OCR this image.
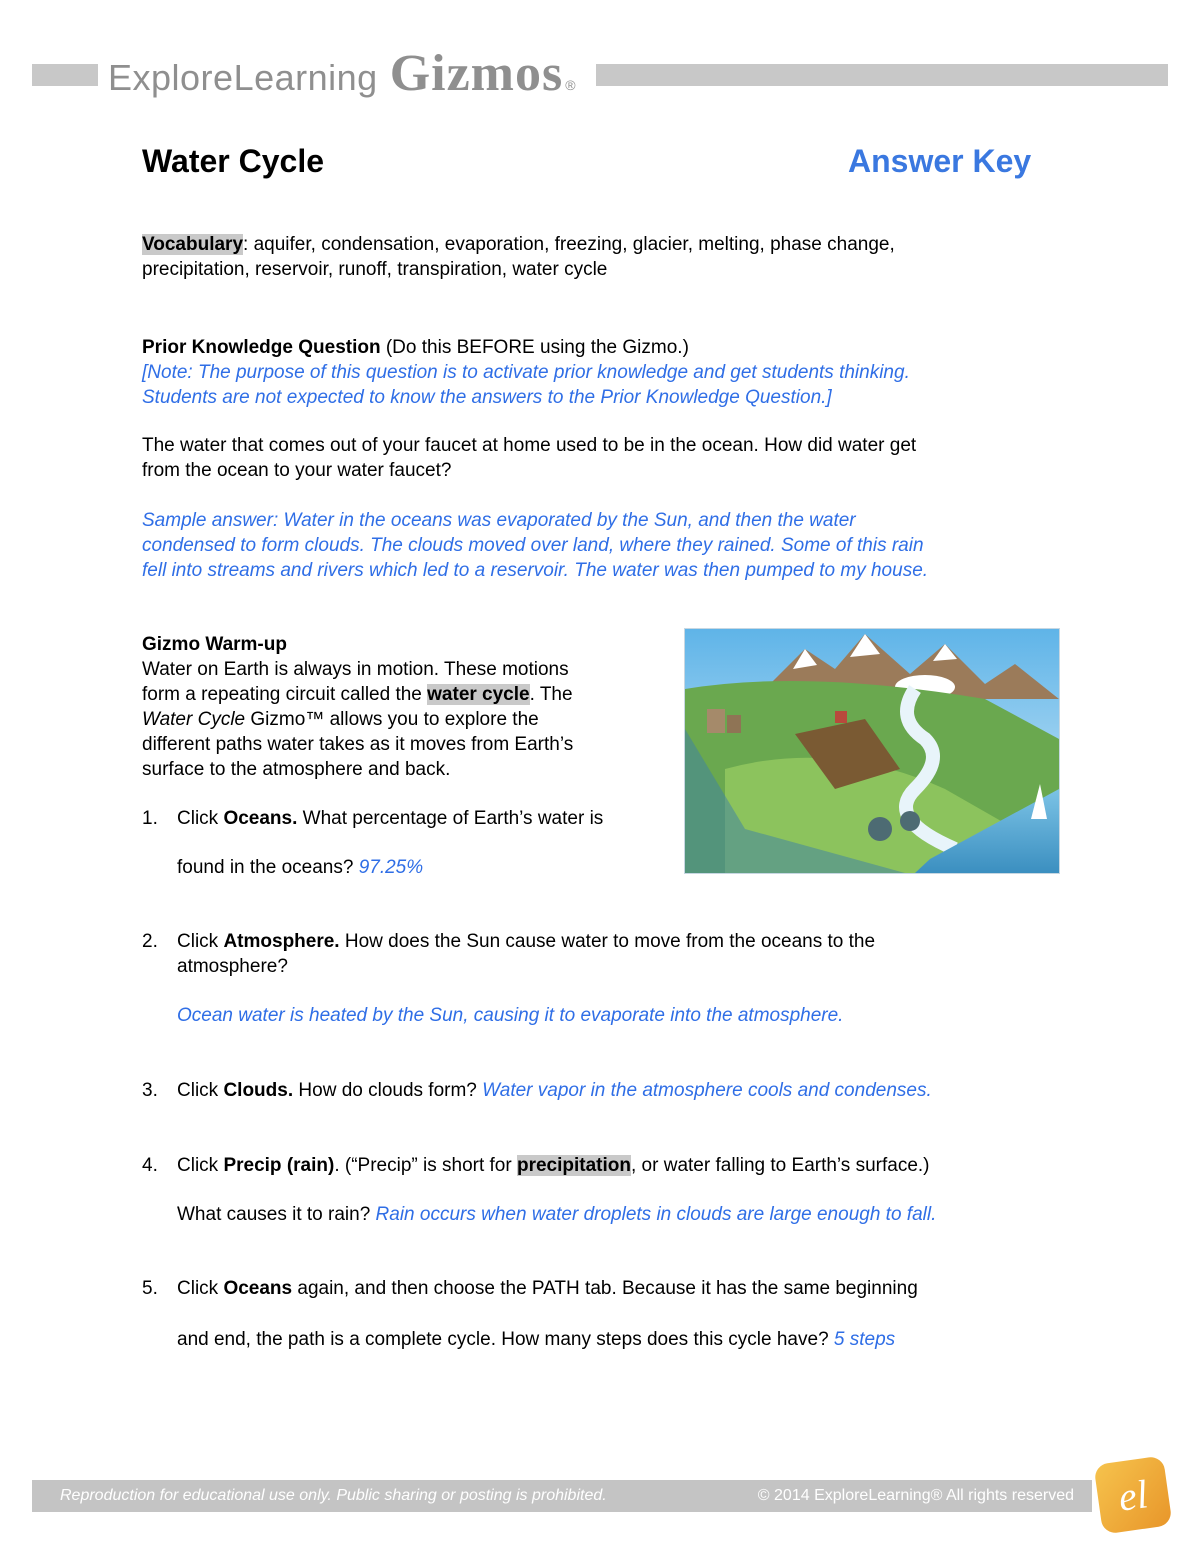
ExploreLearning Gizmos ®
Water Cycle	Answer Key
Vocabulary: aquifer, condensation, evaporation, freezing, glacier, melting, phase change,
precipitation, reservoir, runoff, transpiration, water cycle
Prior Knowledge Question (Do this BEFORE using the Gizmo.)
[Note: The purpose of this question is to activate prior knowledge and get students thinking.
Students are not expected to know the answers to the Prior Knowledge Question.]
The water that comes out of your faucet at home used to be in the ocean. How did water get
from the ocean to your water faucet?
Sample answer: Water in the oceans was evaporated by the Sun, and then the water
condensed to form clouds. The clouds moved over land, where they rained. Some of this rain
fell into streams and rivers which led to a reservoir. The water was then pumped to my house.
Gizmo Warm-up
Water on Earth is always in motion. These motions
form a repeating circuit called the water cycle. The
Water Cycle Gizmo™ allows you to explore the
different paths water takes as it moves from Earth’s
surface to the atmosphere and back.
1. Click Oceans. What percentage of Earth’s water is
found in the oceans? 97.25%
2. Click Atmosphere. How does the Sun cause water to move from the oceans to the
atmosphere?
Ocean water is heated by the Sun, causing it to evaporate into the atmosphere.
3. Click Clouds. How do clouds form? Water vapor in the atmosphere cools and condenses.
4. Click Precip (rain). (“Precip” is short for precipitation, or water falling to Earth’s surface.)
What causes it to rain? Rain occurs when water droplets in clouds are large enough to fall.
5. Click Oceans again, and then choose the PATH tab. Because it has the same beginning
and end, the path is a complete cycle. How many steps does this cycle have? 5 steps
Reproduction for educational use only. Public sharing or posting is prohibited.	© 2014 ExploreLearning® All rights reserved	el
